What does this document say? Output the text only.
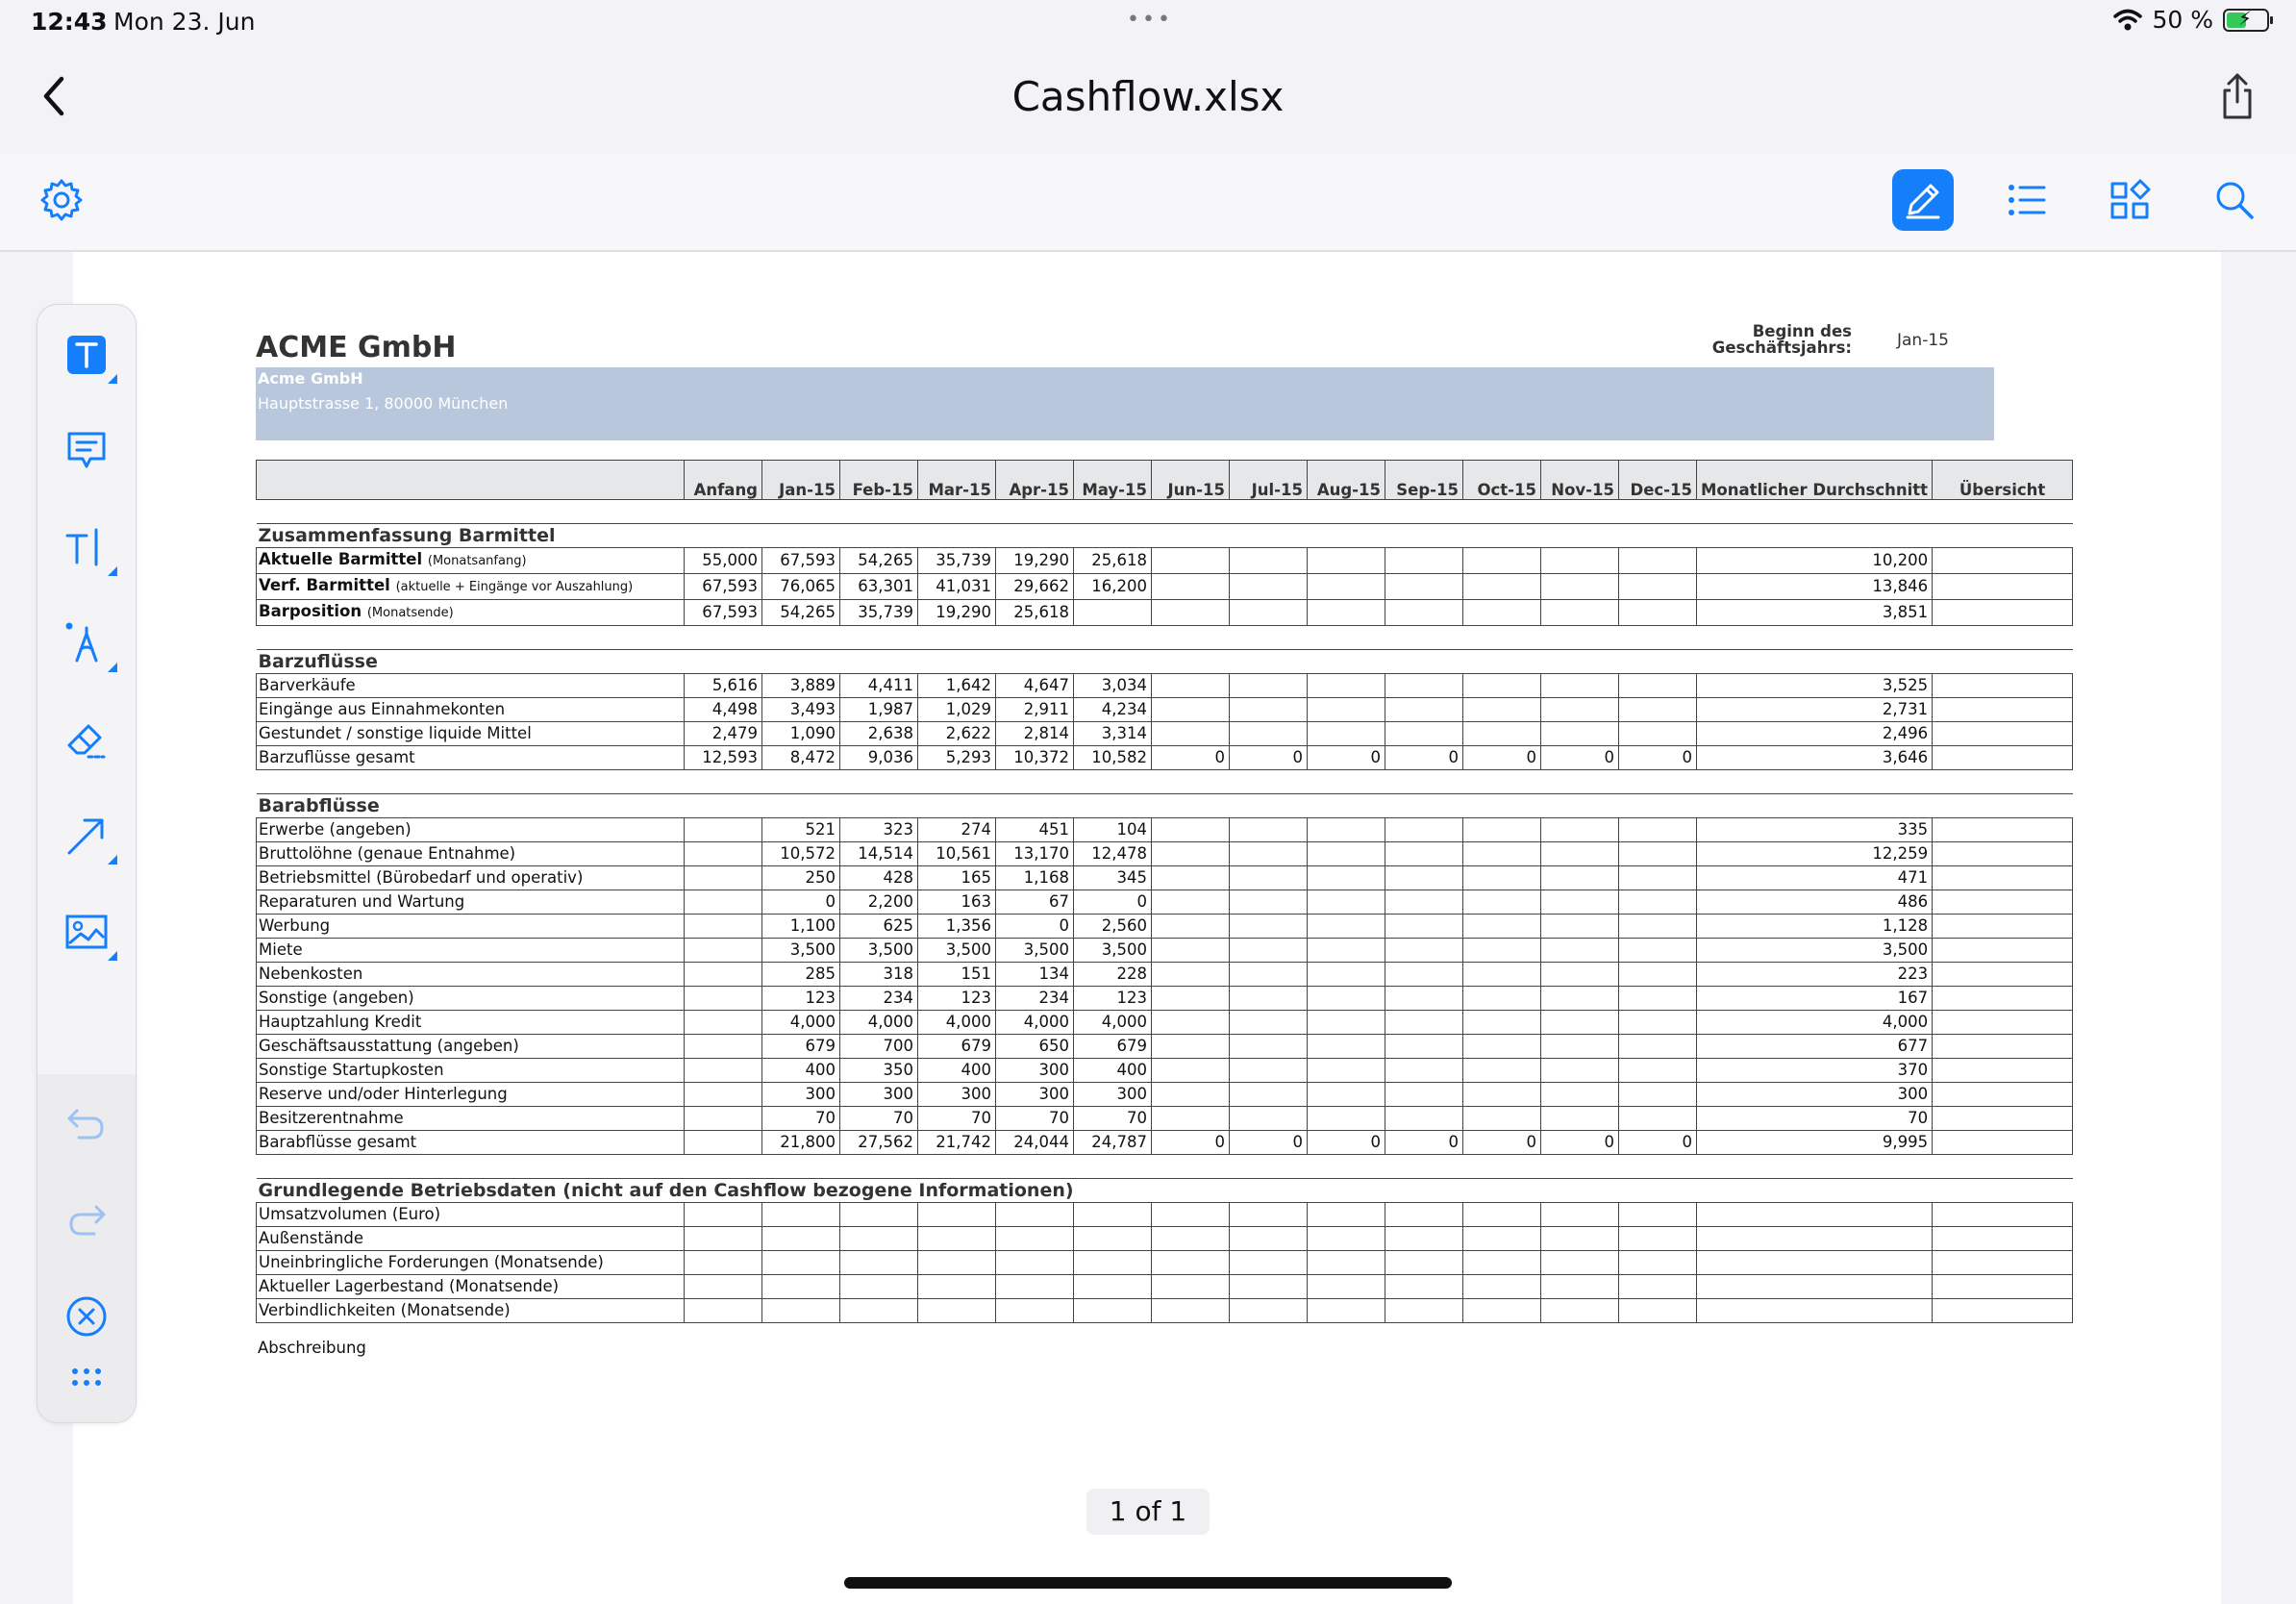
12:43 Mon 23. Jun	•••	50 % ⚡
Cashflow.xlsx
ACME GmbH	Beginn des
Geschäftsjahrs:	Jan-15
Acme GmbH
Hauptstrasse 1, 80000 München
	Anfang	Jan-15	Feb-15	Mar-15	Apr-15	May-15	Jun-15	Jul-15	Aug-15	Sep-15	Oct-15	Nov-15	Dec-15	Monatlicher Durchschnitt	Übersicht

Zusammenfassung Barmittel															
Aktuelle Barmittel (Monatsanfang)	55,000	67,593	54,265	35,739	19,290	25,618								10,200	
Verf. Barmittel (aktuelle + Eingänge vor Auszahlung)	67,593	76,065	63,301	41,031	29,662	16,200								13,846	
Barposition (Monatsende)	67,593	54,265	35,739	19,290	25,618									3,851	

Barzuflüsse															
Barverkäufe	5,616	3,889	4,411	1,642	4,647	3,034								3,525	
Eingänge aus Einnahmekonten	4,498	3,493	1,987	1,029	2,911	4,234								2,731	
Gestundet / sonstige liquide Mittel	2,479	1,090	2,638	2,622	2,814	3,314								2,496	
Barzuflüsse gesamt	12,593	8,472	9,036	5,293	10,372	10,582	0	0	0	0	0	0	0	3,646	

Barabflüsse															
Erwerbe (angeben)		521	323	274	451	104								335	
Bruttolöhne (genaue Entnahme)		10,572	14,514	10,561	13,170	12,478								12,259	
Betriebsmittel (Bürobedarf und operativ)		250	428	165	1,168	345								471	
Reparaturen und Wartung		0	2,200	163	67	0								486	
Werbung		1,100	625	1,356	0	2,560								1,128	
Miete		3,500	3,500	3,500	3,500	3,500								3,500	
Nebenkosten		285	318	151	134	228								223	
Sonstige (angeben)		123	234	123	234	123								167	
Hauptzahlung Kredit		4,000	4,000	4,000	4,000	4,000								4,000	
Geschäftsausstattung (angeben)		679	700	679	650	679								677	
Sonstige Startupkosten		400	350	400	300	400								370	
Reserve und/oder Hinterlegung		300	300	300	300	300								300	
Besitzerentnahme		70	70	70	70	70								70	
Barabflüsse gesamt		21,800	27,562	21,742	24,044	24,787	0	0	0	0	0	0	0	9,995	

Grundlegende Betriebsdaten (nicht auf den Cashflow bezogene Informationen)															
Umsatzvolumen (Euro)															
Außenstände															
Uneinbringliche Forderungen (Monatsende)															
Aktueller Lagerbestand (Monatsende)															
Verbindlichkeiten (Monatsende)															
Abschreibung
1 of 1
